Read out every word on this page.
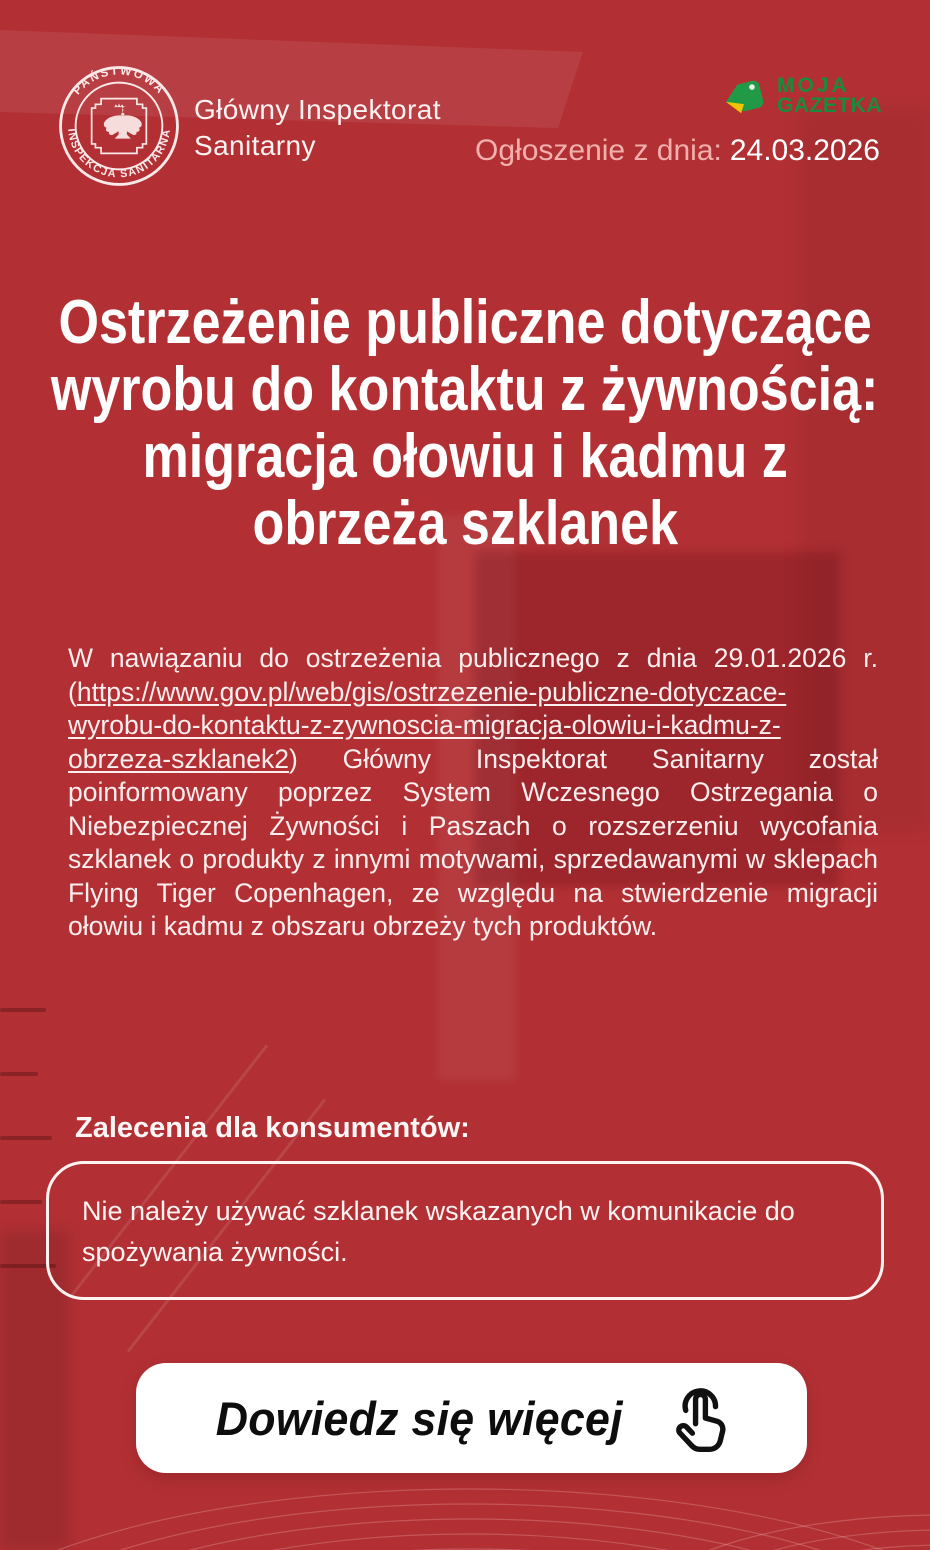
PAŃSTWOWA
INSPEKCJA SANITARNA
Główny Inspektorat
Sanitarny
MOJA
GAZETKA
Ogłoszenie z dnia: 24.03.2026
Ostrzeżenie publiczne dotyczące
wyrobu do kontaktu z żywnością:
migracja ołowiu i kadmu z
obrzeża szklanek

W nawiązaniu do ostrzeżenia publicznego z dnia 29.01.2026 r. (https://www.gov.pl/web/gis/ostrzezenie-publiczne-dotyczace-wyrobu-do-kontaktu-z-zywnoscia-migracja-olowiu-i-kadmu-z-obrzeza-szklanek2) Główny Inspektorat Sanitarny został poinformowany poprzez System Wczesnego Ostrzegania o Niebezpiecznej Żywności i Paszach o rozszerzeniu wycofania szklanek o produkty z innymi motywami, sprzedawanymi w sklepach Flying Tiger Copenhagen, ze względu na stwierdzenie migracji ołowiu i kadmu z obszaru obrzeży tych produktów.

Zalecenia dla konsumentów:
Nie należy używać szklanek wskazanych w komunikacie do spożywania żywności.
Dowiedz się więcej
